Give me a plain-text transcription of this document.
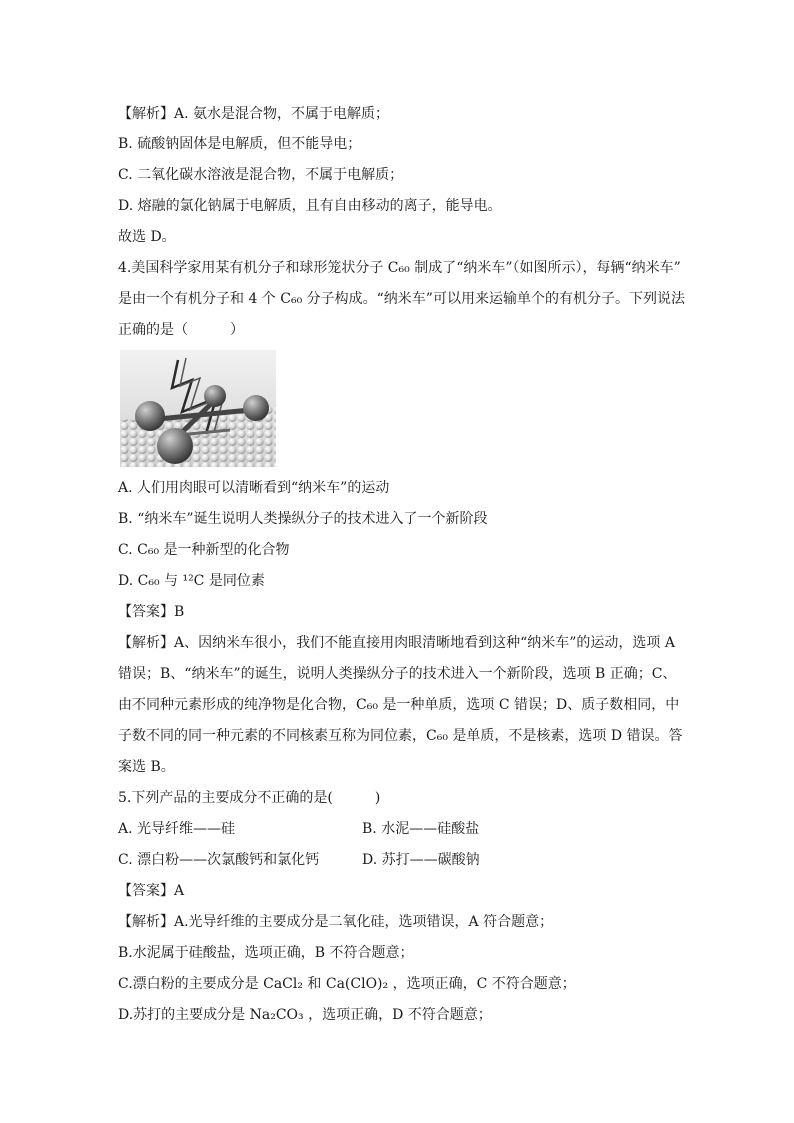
【解析】A. 氨水是混合物，不属于电解质；
B. 硫酸钠固体是电解质，但不能导电；
C. 二氧化碳水溶液是混合物，不属于电解质；
D. 熔融的氯化钠属于电解质，且有自由移动的离子，能导电。
故选 D。
4.美国科学家用某有机分子和球形笼状分子 C₆₀ 制成了“纳米车”（如图所示），每辆“纳米车”
是由一个有机分子和 4 个 C₆₀ 分子构成。“纳米车”可以用来运输单个的有机分子。下列说法
正确的是（　　　）
A. 人们用肉眼可以清晰看到“纳米车”的运动
B. “纳米车”诞生说明人类操纵分子的技术进入了一个新阶段
C. C₆₀ 是一种新型的化合物
D. C₆₀ 与 ¹²C 是同位素
【答案】B
【解析】A、因纳米车很小，我们不能直接用肉眼清晰地看到这种“纳米车”的运动，选项 A
错误；B、“纳米车”的诞生，说明人类操纵分子的技术进入一个新阶段，选项 B 正确；C、
由不同种元素形成的纯净物是化合物，C₆₀ 是一种单质，选项 C 错误；D、质子数相同，中
子数不同的同一种元素的不同核素互称为同位素，C₆₀ 是单质，不是核素，选项 D 错误。答
案选 B。
5.下列产品的主要成分不正确的是(　　　)
A. 光导纤维——硅	B. 水泥——硅酸盐
C. 漂白粉——次氯酸钙和氯化钙	D. 苏打——碳酸钠
【答案】A
【解析】A.光导纤维的主要成分是二氧化硅，选项错误，A 符合题意；
B.水泥属于硅酸盐，选项正确，B 不符合题意；
C.漂白粉的主要成分是 CaCl₂ 和 Ca(ClO)₂ ，选项正确，C 不符合题意；
D.苏打的主要成分是 Na₂CO₃ ，选项正确，D 不符合题意；
